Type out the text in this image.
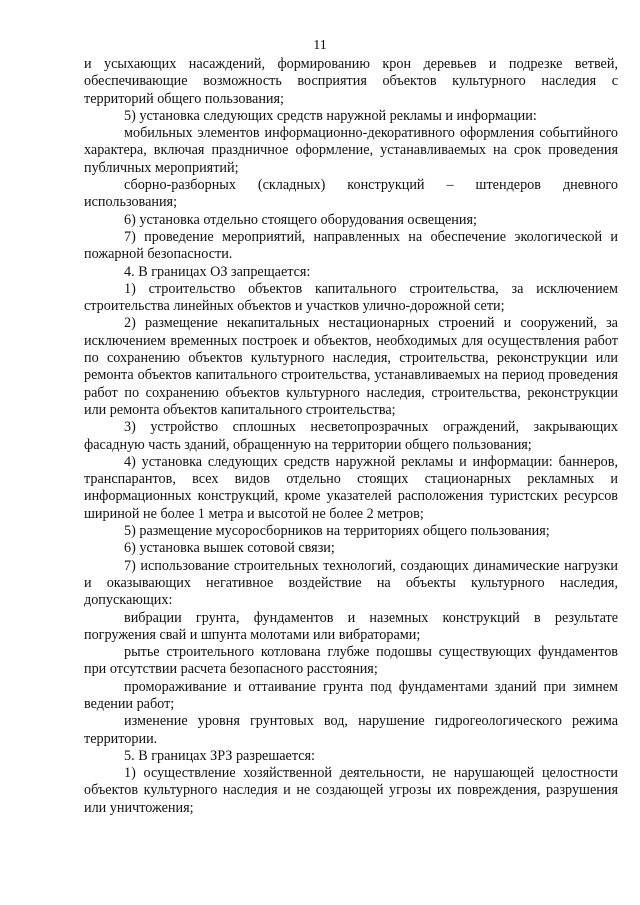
11

и усыхающих насаждений, формированию крон деревьев и подрезке ветвей, обеспечивающие возможность восприятия объектов культурного наследия с территорий общего пользования;

5) установка следующих средств наружной рекламы и информации:

мобильных элементов информационно-декоративного оформления событийного характера, включая праздничное оформление, устанавливаемых на срок проведения публичных мероприятий;

сборно-разборных (складных) конструкций – штендеров дневного использования;

6) установка отдельно стоящего оборудования освещения;

7) проведение мероприятий, направленных на обеспечение экологической и пожарной безопасности.

4. В границах ОЗ запрещается:

1) строительство объектов капитального строительства, за исключением строительства линейных объектов и участков улично-дорожной сети;

2) размещение некапитальных нестационарных строений и сооружений, за исключением временных построек и объектов, необходимых для осуществления работ по сохранению объектов культурного наследия, строительства, реконструкции или ремонта объектов капитального строительства, устанавливаемых на период проведения работ по сохранению объектов культурного наследия, строительства, реконструкции или ремонта объектов капитального строительства;

3) устройство сплошных несветопрозрачных ограждений, закрывающих фасадную часть зданий, обращенную на территории общего пользования;

4) установка следующих средств наружной рекламы и информации: баннеров, транспарантов, всех видов отдельно стоящих стационарных рекламных и информационных конструкций, кроме указателей расположения туристских ресурсов шириной не более 1 метра и высотой не более 2 метров;

5) размещение мусоросборников на территориях общего пользования;

6) установка вышек сотовой связи;

7) использование строительных технологий, создающих динамические нагрузки и оказывающих негативное воздействие на объекты культурного наследия, допускающих:

вибрации грунта, фундаментов и наземных конструкций в результате погружения свай и шпунта молотами или вибраторами;

рытье строительного котлована глубже подошвы существующих фундаментов при отсутствии расчета безопасного расстояния;

промораживание и оттаивание грунта под фундаментами зданий при зимнем ведении работ;

изменение уровня грунтовых вод, нарушение гидрогеологического режима территории.

5. В границах ЗРЗ разрешается:

1) осуществление хозяйственной деятельности, не нарушающей целостности объектов культурного наследия и не создающей угрозы их повреждения, разрушения или уничтожения;
